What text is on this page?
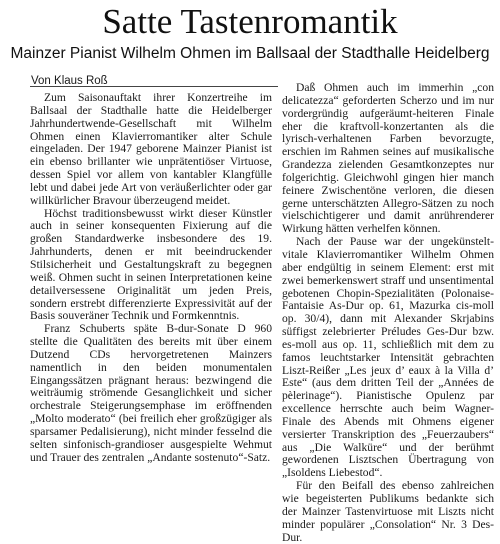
Satte Tastenromantik
Mainzer Pianist Wilhelm Ohmen im Ballsaal der Stadthalle Heidelberg
Von Klaus Roß

Zum Saisonauftakt ihrer Konzertreihe im Ballsaal der Stadthalle hatte die Heidelberger Jahrhundertwende-Gesellschaft mit Wilhelm Ohmen einen Klavierromantiker alter Schule eingeladen. Der 1947 geborene Mainzer Pianist ist ein ebenso brillanter wie unprätentiöser Virtuose, dessen Spiel vor allem von kantabler Klangfülle lebt und dabei jede Art von veräußerlichter oder gar willkürlicher Bravour überzeugend meidet.

Höchst traditionsbewusst wirkt dieser Künstler auch in seiner konsequenten Fixierung auf die großen Standardwerke insbesondere des 19. Jahrhunderts, denen er mit beeindruckender Stilsicherheit und Gestaltungskraft zu begegnen weiß. Ohmen sucht in seinen Interpretationen keine detailversessene Originalität um jeden Preis, sondern erstrebt differenzierte Expressivität auf der Basis souveräner Technik und Formkenntnis.

Franz Schuberts späte B-dur-Sonate D 960 stellte die Qualitäten des bereits mit über einem Dutzend CDs hervorgetretenen Mainzers namentlich in den beiden monumentalen Eingangssätzen prägnant heraus: bezwingend die weiträumig strömende Gesanglichkeit und sicher orchestrale Steigerungsemphase im eröffnenden „Molto moderato“ (bei freilich eher großzügiger als sparsamer Pedalisierung), nicht minder fesselnd die selten sinfonisch-grandioser ausgespielte Wehmut und Trauer des zentralen „Andante sostenuto“-Satz.

Daß Ohmen auch im immerhin „con delicatezza“ geforderten Scherzo und im nur vordergründig aufgeräumt-heiteren Finale eher die kraftvoll-konzertanten als die lyrisch-verhaltenen Farben bevorzugte, erschien im Rahmen seines auf musikalische Grandezza zielenden Gesamtkonzeptes nur folgerichtig. Gleichwohl gingen hier manch feinere Zwischentöne verloren, die diesen gerne unterschätzten Allegro-Sätzen zu noch vielschichtigerer und damit anrührenderer Wirkung hätten verhelfen können.

Nach der Pause war der ungekünstelt-vitale Klavierromantiker Wilhelm Ohmen aber endgültig in seinem Element: erst mit zwei bemerkenswert straff und unsentimental gebotenen Chopin-Spezialitäten (Polonaise-Fantaisie As-Dur op. 61, Mazurka cis-moll op. 30/4), dann mit Alexander Skrjabins süffigst zelebrierter Préludes Ges-Dur bzw. es-moll aus op. 11, schließlich mit dem zu famos leuchtstarker Intensität gebrachten Liszt-Reißer „Les jeux d’ eaux à la Villa d’ Este“ (aus dem dritten Teil der „Années de pèlerinage“). Pianistische Opulenz par excellence herrschte auch beim Wagner-Finale des Abends mit Ohmens eigener versierter Transkription des „Feuerzaubers“ aus „Die Walküre“ und der berühmt gewordenen Lisztschen Übertragung von „Isoldens Liebestod“.

Für den Beifall des ebenso zahlreichen wie begeisterten Publikums bedankte sich der Mainzer Tastenvirtuose mit Liszts nicht minder populärer „Consolation“ Nr. 3 Des-Dur.
